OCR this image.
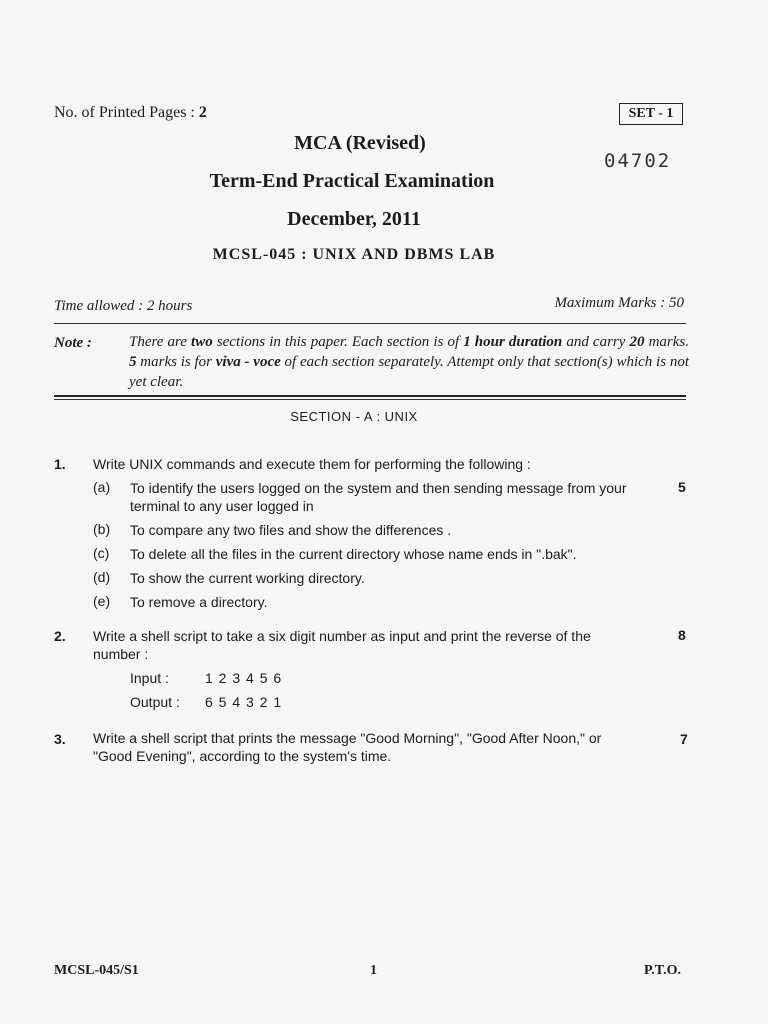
No. of Printed Pages : 2	SET - 1
04702
MCA (Revised)
Term-End Practical Examination
December, 2011
MCSL-045 : UNIX AND DBMS LAB
Time allowed : 2 hours	Maximum Marks : 50
Note : There are two sections in this paper. Each section is of 1 hour duration and carry 20 marks. 5 marks is for viva - voce of each section separately. Attempt only that section(s) which is not yet clear.
SECTION - A : UNIX
1. Write UNIX commands and execute them for performing the following :
(a) To identify the users logged on the system and then sending message from your
terminal to any user logged in
5
(b) To compare any two files and show the differences .
(c) To delete all the files in the current directory whose name ends in ".bak".
(d) To show the current working directory.
(e) To remove a directory.
2. Write a shell script to take a six digit number as input and print the reverse of the
number :
8
Input :	1 2 3 4 5 6
Output : 6 5 4 3 2 1
3. Write a shell script that prints the message "Good Morning", "Good After Noon," or
"Good Evening", according to the system's time.
7
MCSL-045/S1	1	P.T.O.
